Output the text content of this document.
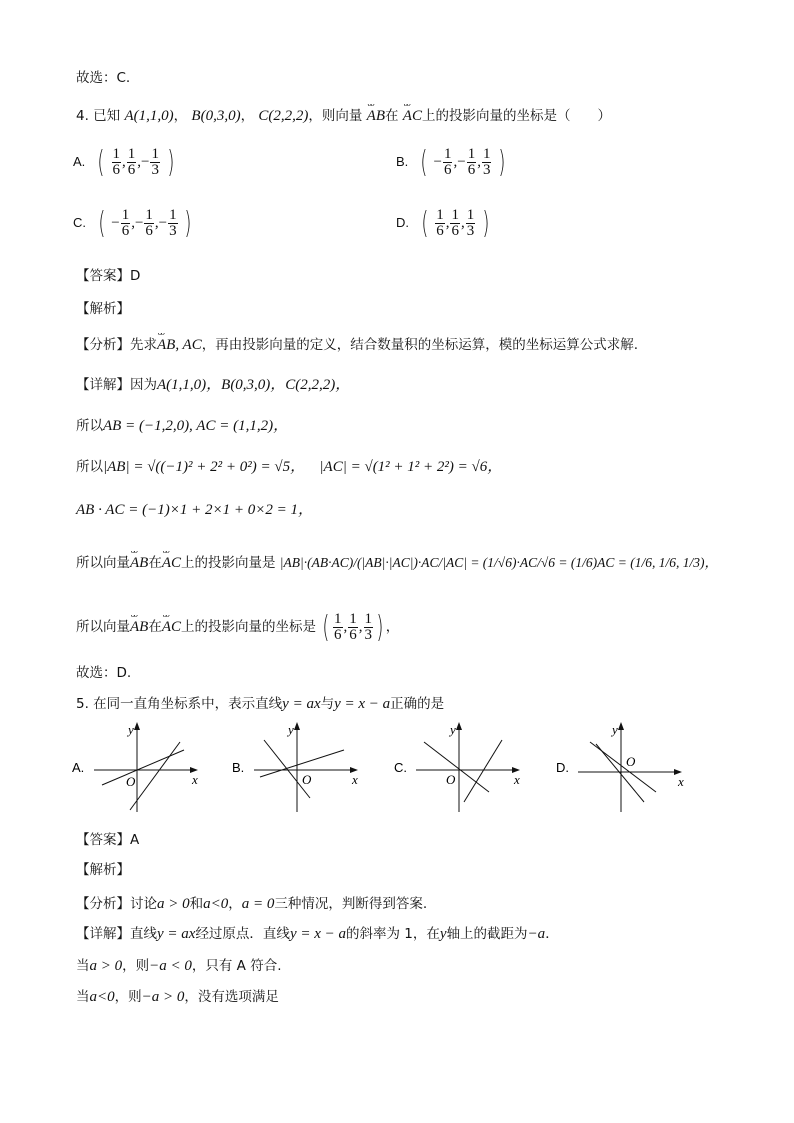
故选：C.
4. 已知 A(1,1,0)， B(0,3,0)， C(2,2,2)，则向量 ᴗᴗ AB在 ᴗᴗ AC上的投影向量的坐标是（　　）
A. ( $\frac{1}{6}$ , $\frac{1}{6}$ ,− $\frac{1}{3}$ )	B. ( − $\frac{1}{6}$ ,− $\frac{1}{6}$ , $\frac{1}{3}$ )
C. ( − $\frac{1}{6}$ ,− $\frac{1}{6}$ ,− $\frac{1}{3}$ )	D. ( $\frac{1}{6}$ , $\frac{1}{6}$ , $\frac{1}{3}$ )
【答案】D
【解析】
【分析】先求ᴗᴗ AB, AC，再由投影向量的定义，结合数量积的坐标运算，模的坐标运算公式求解.
【详解】因为A(1,1,0)，B(0,3,0)，C(2,2,2)，
所以AB = (−1,2,0), AC = (1,1,2)，
所以|AB| = √((−1)² + 2² + 0²) = √5， |AC| = √(1² + 1² + 2²) = √6，
AB · AC = (−1)×1 + 2×1 + 0×2 = 1，
所以向量ᴗᴗ AB在ᴗᴗ AC上的投影向量是 |AB|·(AB·AC)/(|AB|·|AC|)·AC/|AC| = (1/√6)·AC/√6 = (1/6)AC = (1/6, 1/6, 1/3)，
所以向量ᴗᴗ AB在ᴗᴗ AC上的投影向量的坐标是 ( $\frac{1}{6}$ , $\frac{1}{6}$ , $\frac{1}{3}$ ) ，
故选：D.
5. 在同一直角坐标系中，表示直线y = ax与y = x − a正确的是
A.
y
x
O
B.
y
x
O
C.
y
x
O
D.
y
x
O
【答案】A
【解析】
【分析】讨论a > 0和a<0，a = 0三种情况，判断得到答案.
【详解】直线y = ax经过原点．直线y = x − a的斜率为 1，在y轴上的截距为−a．
当a > 0，则−a < 0，只有 A 符合.
当a<0，则−a > 0，没有选项满足
